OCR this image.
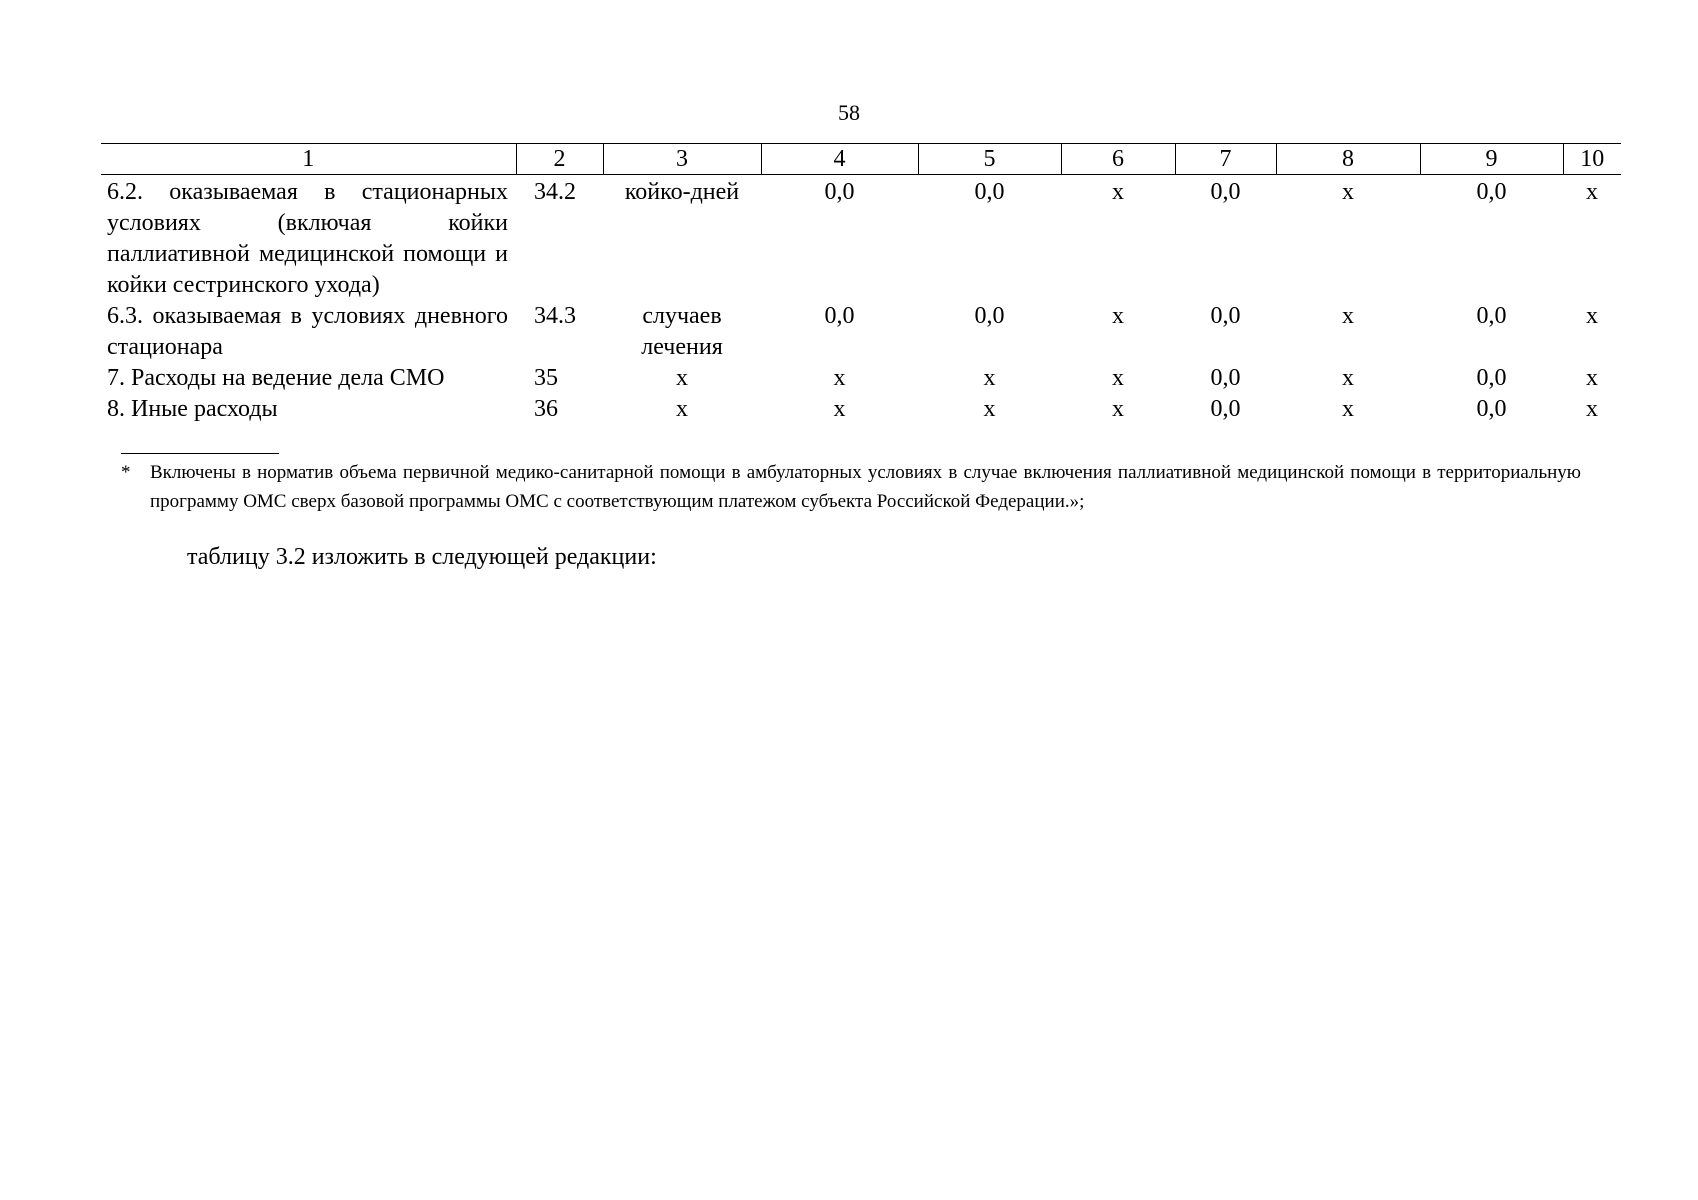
58
1	2	3	4	5	6	7	8	9	10
6.2. оказываемая в стационарных условиях (включая койки паллиативной медицинской помощи и койки сестринского ухода)	34.2	койко-дней	0,0	0,0	х	0,0	х	0,0	х
6.3. оказываемая в условиях дневного стационара	34.3	случаев лечения	0,0	0,0	х	0,0	х	0,0	х
7. Расходы на ведение дела СМО	35	х	х	х	х	0,0	х	0,0	х
8. Иные расходы	36	х	х	х	х	0,0	х	0,0	х
* Включены в норматив объема первичной медико-санитарной помощи в амбулаторных условиях в случае включения паллиативной медицинской помощи в территориальную программу ОМС сверх базовой программы ОМС с соответствующим платежом субъекта Российской Федерации.»;
таблицу 3.2 изложить в следующей редакции:
